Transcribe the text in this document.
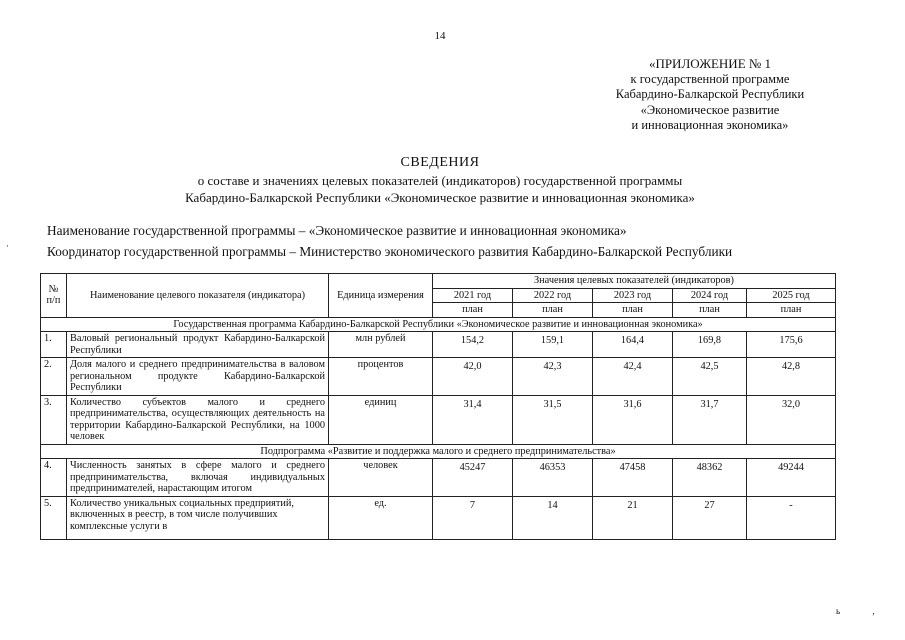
14
«ПРИЛОЖЕНИЕ № 1
к государственной программе
Кабардино-Балкарской Республики
«Экономическое развитие
и инновационная экономика»
СВЕДЕНИЯ
о составе и значениях целевых показателей (индикаторов) государственной программы
Кабардино-Балкарской Республики «Экономическое развитие и инновационная экономика»
Наименование государственной программы – «Экономическое развитие и инновационная экономика»
Координатор государственной программы – Министерство экономического развития Кабардино-Балкарской Республики
·
№ п/п	Наименование целевого показателя (индикатора)	Единица измерения	Значения целевых показателей (индикаторов)				
			2021 год	2022 год	2023 год	2024 год	2025 год
			план	план	план	план	план
Государственная программа Кабардино-Балкарской Республики «Экономическое развитие и инновационная экономика»							
1.	Валовый региональный продукт Кабардино-Балкарской Республики	млн рублей	154,2	159,1	164,4	169,8	175,6
2.	Доля малого и среднего предпринимательства в валовом региональном продукте Кабардино-Балкарской Республики	процентов	42,0	42,3	42,4	42,5	42,8
3.	Количество субъектов малого и среднего предпринимательства, осуществляющих деятельность на территории Кабардино-Балкарской Республики, на 1000 человек	единиц	31,4	31,5	31,6	31,7	32,0
Подпрограмма «Развитие и поддержка малого и среднего предпринимательства»							
4.	Численность занятых в сфере малого и среднего предпринимательства, включая индивидуальных предпринимателей, нарастающим итогом	человек	45247	46353	47458	48362	49244
5.	Количество уникальных социальных предприятий, включенных в реестр, в том числе получивших комплексные услуги в	ед.	7	14	21	27	-
ь ,
